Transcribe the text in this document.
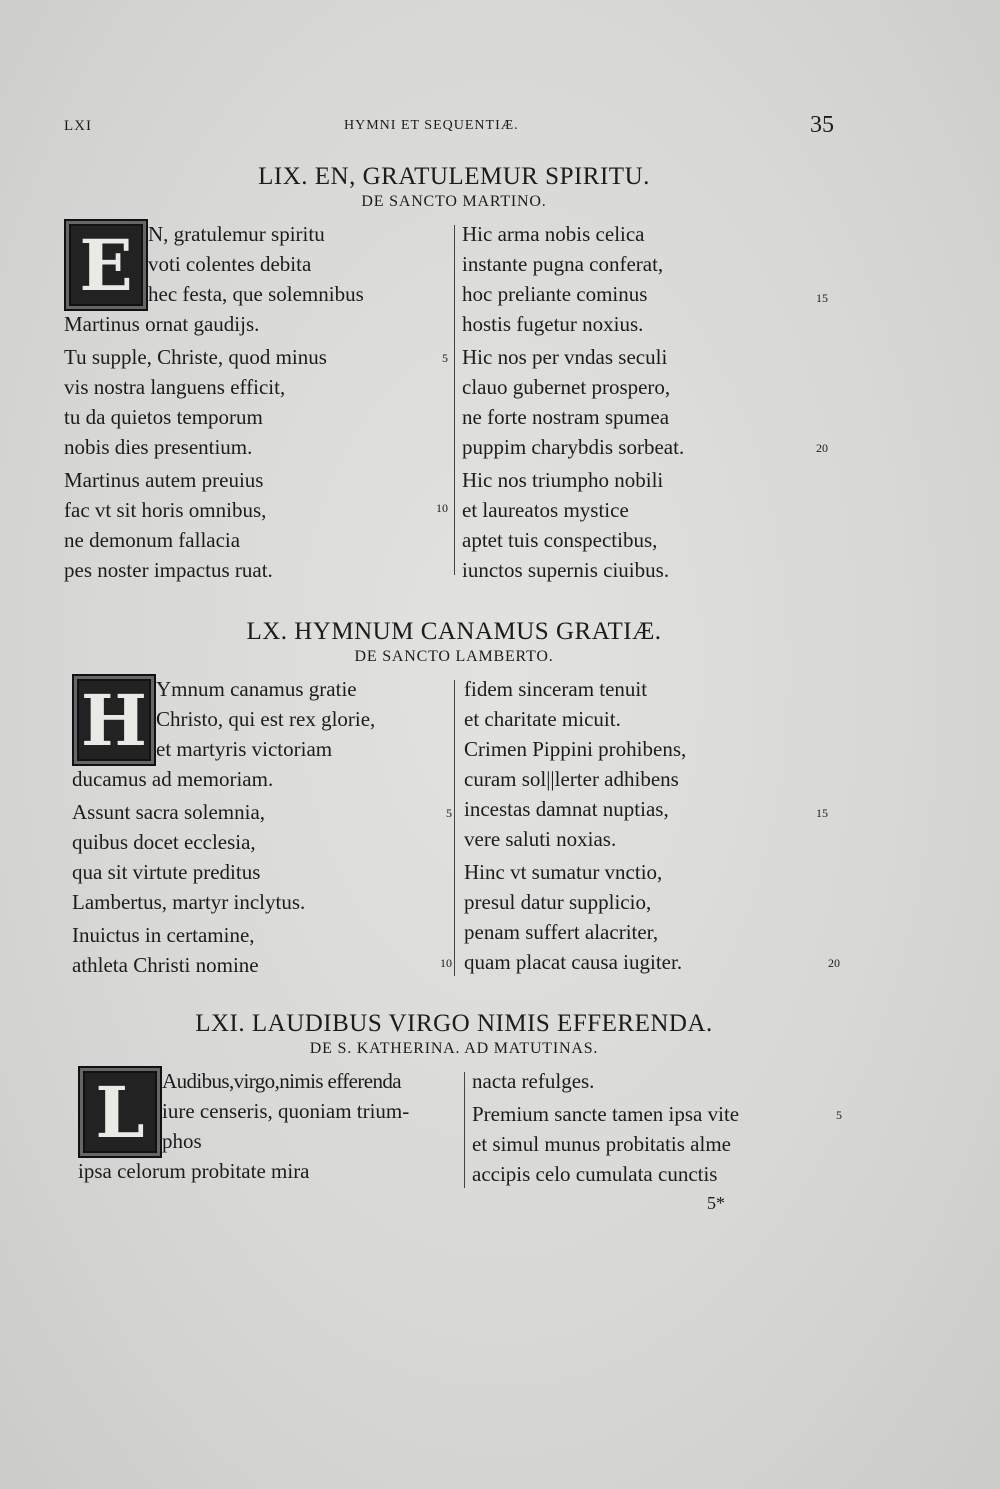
LXI	HYMNI ET SEQUENTIÆ.	35
LIX. EN, GRATULEMUR SPIRITU.
DE SANCTO MARTINO.
E N, gratulemur spiritu
voti colentes debita
hec festa, que solemnibus
Martinus ornat gaudijs.
Tu supple, Christe, quod minus
vis nostra languens efficit,
tu da quietos temporum
nobis dies presentium.
Martinus autem preuius
fac vt sit horis omnibus,
ne demonum fallacia
pes noster impactus ruat.
5
10
Hic arma nobis celica
instante pugna conferat,
hoc preliante cominus
hostis fugetur noxius.
Hic nos per vndas seculi
clauo gubernet prospero,
ne forte nostram spumea
puppim charybdis sorbeat.
Hic nos triumpho nobili
et laureatos mystice
aptet tuis conspectibus,
iunctos supernis ciuibus.
15
20
LX. HYMNUM CANAMUS GRATIÆ.
DE SANCTO LAMBERTO.
H Ymnum canamus gratie
Christo, qui est rex glorie,
et martyris victoriam
ducamus ad memoriam.
Assunt sacra solemnia,
quibus docet ecclesia,
qua sit virtute preditus
Lambertus, martyr inclytus.
Inuictus in certamine,
athleta Christi nomine
5
10
fidem sinceram tenuit
et charitate micuit.
Crimen Pippini prohibens,
curam sol||lerter adhibens
incestas damnat nuptias,
vere saluti noxias.
Hinc vt sumatur vnctio,
presul datur supplicio,
penam suffert alacriter,
quam placat causa iugiter.
15
20
LXI. LAUDIBUS VIRGO NIMIS EFFERENDA.
DE S. KATHERINA. AD MATUTINAS.
L Audibus,virgo,nimis efferenda
iure censeris, quoniam trium-
phos
ipsa celorum probitate mira
nacta refulges.
Premium sancte tamen ipsa vite
et simul munus probitatis alme
accipis celo cumulata cunctis
5
5*
